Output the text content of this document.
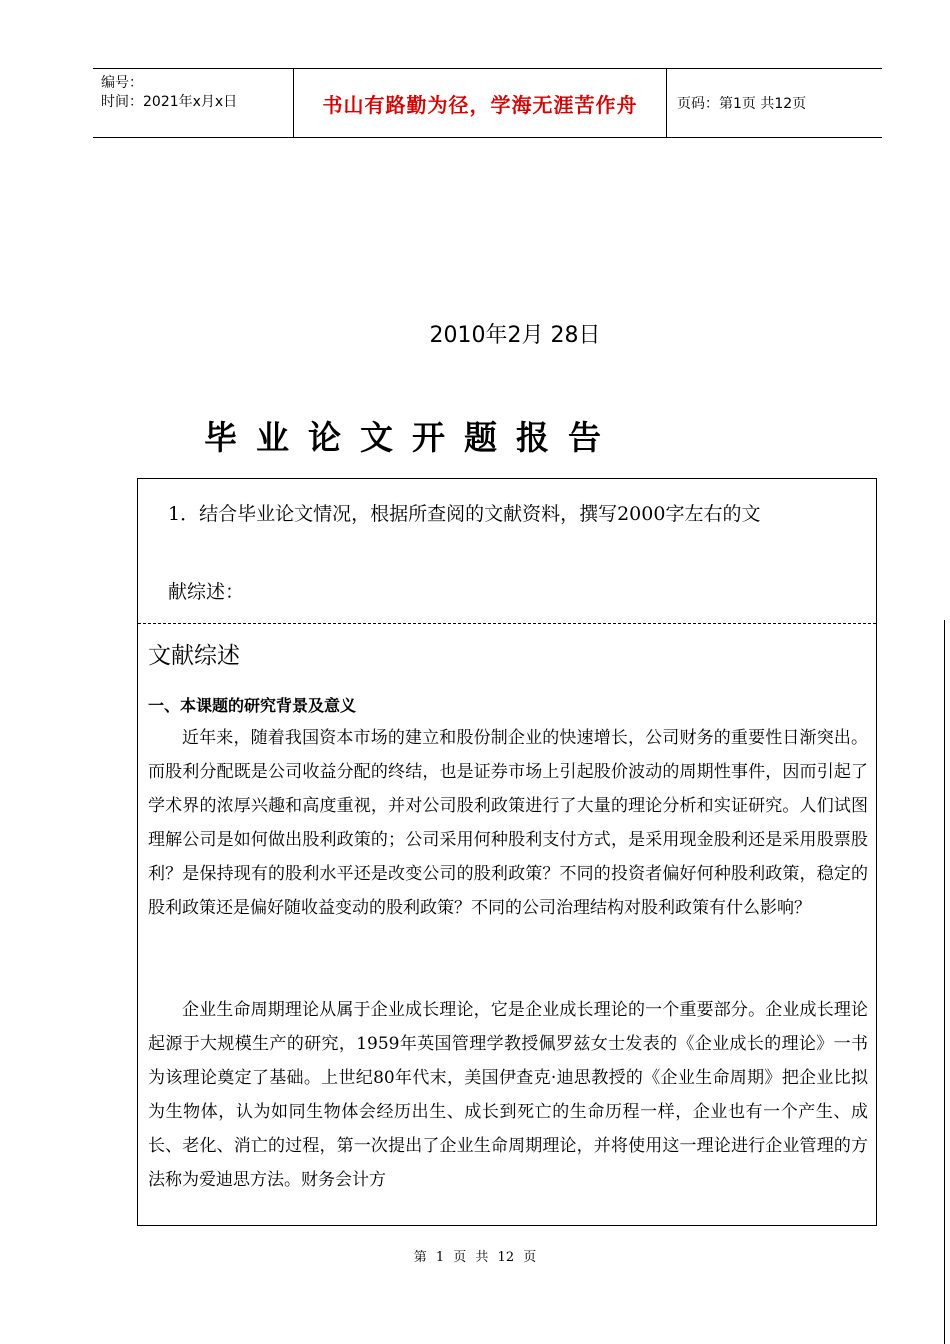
编号：
时间：2021年x月x日	书山有路勤为径，学海无涯苦作舟	页码：第1页 共12页
2010年2月 28日
毕业论文开题报告
1．结合毕业论文情况，根据所查阅的文献资料，撰写2000字左右的文
献综述：
文献综述
一、本课题的研究背景及意义

近年来，随着我国资本市场的建立和股份制企业的快速增长，公司财务的重要性日渐突出。而股利分配既是公司收益分配的终结，也是证券市场上引起股价波动的周期性事件，因而引起了学术界的浓厚兴趣和高度重视，并对公司股利政策进行了大量的理论分析和实证研究。人们试图理解公司是如何做出股利政策的；公司采用何种股利支付方式，是采用现金股利还是采用股票股利？是保持现有的股利水平还是改变公司的股利政策？不同的投资者偏好何种股利政策，稳定的股利政策还是偏好随收益变动的股利政策？不同的公司治理结构对股利政策有什么影响？

企业生命周期理论从属于企业成长理论，它是企业成长理论的一个重要部分。企业成长理论起源于大规模生产的研究，1959年英国管理学教授佩罗兹女士发表的《企业成长的理论》一书为该理论奠定了基础。上世纪80年代末，美国伊查克·迪思教授的《企业生命周期》把企业比拟为生物体，认为如同生物体会经历出生、成长到死亡的生命历程一样，企业也有一个产生、成长、老化、消亡的过程，第一次提出了企业生命周期理论，并将使用这一理论进行企业管理的方法称为爱迪思方法。财务会计方

第 1 页 共 12 页
